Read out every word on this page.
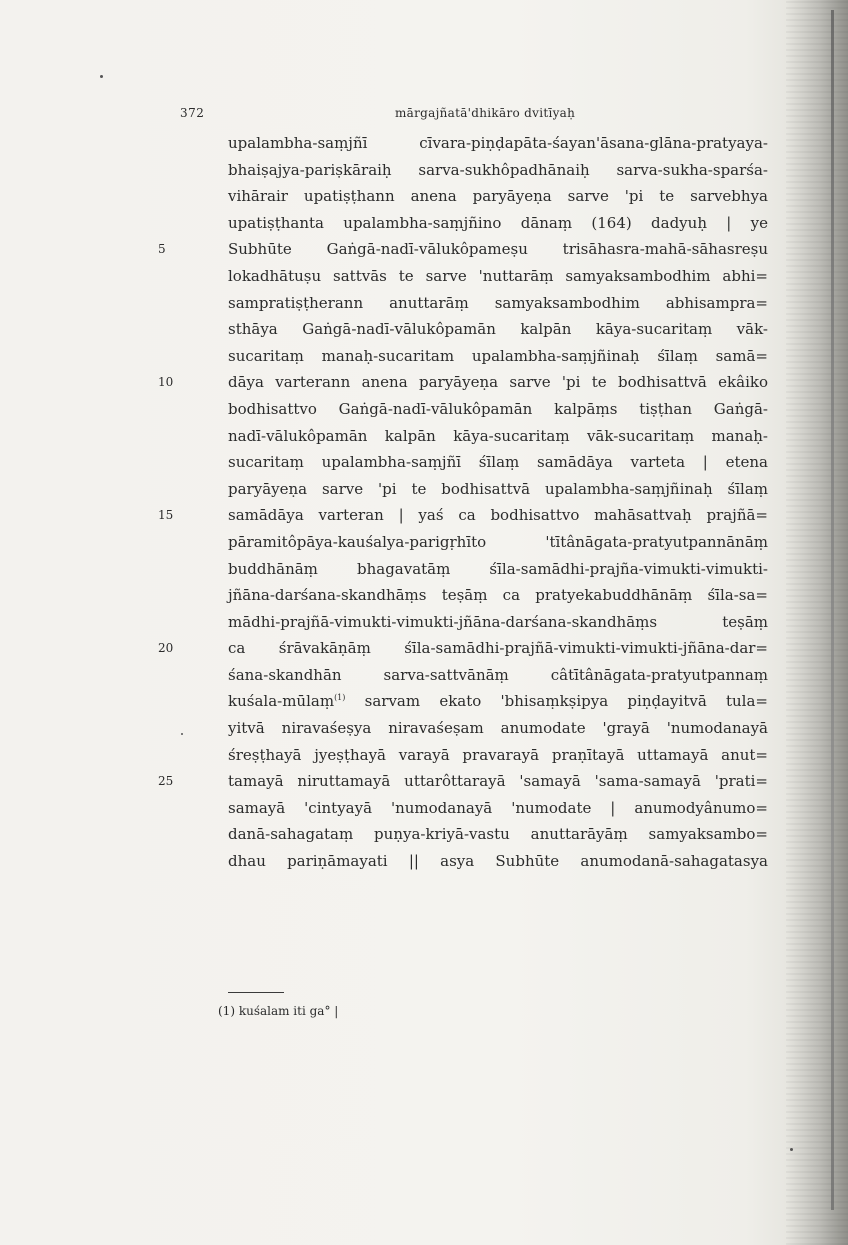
372	mārgajñatā'dhikāro dvitīyaḥ
upalambha-saṃjñī cīvara-piṇḍapāta-śayan'āsana-glāna-pratyaya-
bhaiṣajya-pariṣkāraiḥ sarva-sukhôpadhānaiḥ sarva-sukha-sparśa-
vihārair upatiṣṭhann anena paryāyeṇa sarve 'pi te sarvebhya
upatiṣṭhanta upalambha-saṃjñino dānaṃ (164) dadyuḥ | ye
5	Subhūte Gaṅgā-nadī-vālukôpameṣu trisāhasra-mahā-sāhasreṣu
lokadhātuṣu sattvās te sarve 'nuttarāṃ samyaksambodhim abhi=
sampratiṣṭherann anuttarāṃ samyaksambodhim abhisampra=
sthāya Gaṅgā-nadī-vālukôpamān kalpān kāya-sucaritaṃ vāk-
sucaritaṃ manaḥ-sucaritam upalambha-saṃjñinaḥ śīlaṃ samā=
10	dāya varterann anena paryāyeṇa sarve 'pi te bodhisattvā ekâiko
bodhisattvo Gaṅgā-nadī-vālukôpamān kalpāṃs tiṣṭhan Gaṅgā-
nadī-vālukôpamān kalpān kāya-sucaritaṃ vāk-sucaritaṃ manaḥ-
sucaritaṃ upalambha-saṃjñī śīlaṃ samādāya varteta | etena
paryāyeṇa sarve 'pi te bodhisattvā upalambha-saṃjñinaḥ śīlaṃ
15	samādāya varteran | yaś ca bodhisattvo mahāsattvaḥ prajñā=
pāramitôpāya-kauśalya-parigṛhīto 'tītânāgata-pratyutpannānāṃ
buddhānāṃ bhagavatāṃ śīla-samādhi-prajña-vimukti-vimukti-
jñāna-darśana-skandhāṃs teṣāṃ ca pratyekabuddhānāṃ śīla-sa=
mādhi-prajñā-vimukti-vimukti-jñāna-darśana-skandhāṃs teṣāṃ
20	ca śrāvakāṇāṃ śīla-samādhi-prajñā-vimukti-vimukti-jñāna-dar=
śana-skandhān sarva-sattvānāṃ câtītânāgata-pratyutpannaṃ
kuśala-mūlaṃ$^{(1)}$ sarvam ekato 'bhisaṃkṣipya piṇḍayitvā tula=
yitvā niravaśeṣya niravaśeṣam anumodate 'grayā 'numodanayā
śreṣṭhayā jyeṣṭhayā varayā pravarayā praṇītayā uttamayā anut=
25	tamayā niruttamayā uttarôttarayā 'samayā 'sama-samayā 'prati=
samayā 'cintyayā 'numodanayā 'numodate | anumodyânumo=
danā-sahagataṃ puṇya-kriyā-vastu anuttarāyāṃ samyaksambo=
dhau pariṇāmayati || asya Subhūte anumodanā-sahagatasya
(1) kuśalam iti ga° |
